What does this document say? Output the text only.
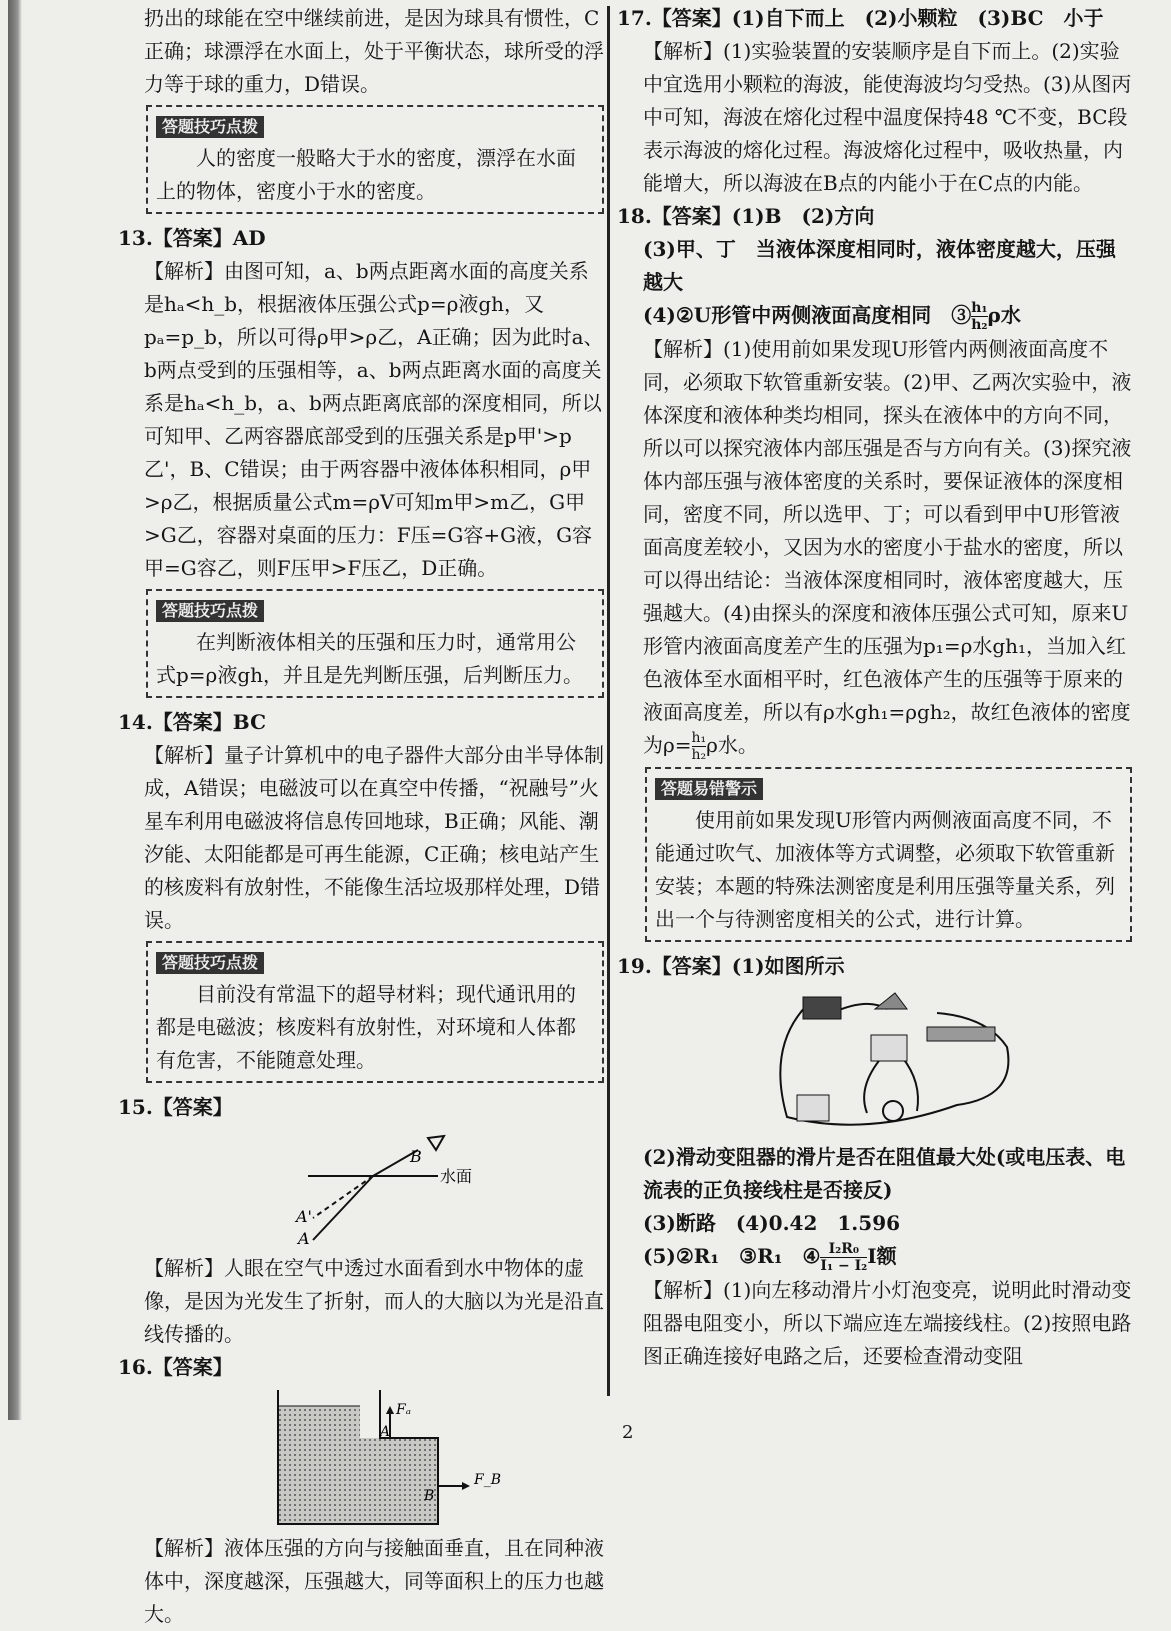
扔出的球能在空中继续前进，是因为球具有惯性，C

正确；球漂浮在水面上，处于平衡状态，球所受的浮

力等于球的重力，D错误。

答题技巧点拨

人的密度一般略大于水的密度，漂浮在水面上的物体，密度小于水的密度。

13.【答案】AD

【解析】由图可知，a、b两点距离水面的高度关系是hₐ<h_b，根据液体压强公式p=ρ液gh，又pₐ=p_b，所以可得ρ甲>ρ乙，A正确；因为此时a、b两点受到的压强相等，a、b两点距离水面的高度关系是hₐ<h_b，a、b两点距离底部的深度相同，所以可知甲、乙两容器底部受到的压强关系是p甲'>p乙'，B、C错误；由于两容器中液体体积相同，ρ甲>ρ乙，根据质量公式m=ρV可知m甲>m乙，G甲>G乙，容器对桌面的压力：F压=G容+G液，G容甲=G容乙，则F压甲>F压乙，D正确。

答题技巧点拨

在判断液体相关的压强和压力时，通常用公式p=ρ液gh，并且是先判断压强，后判断压力。

14.【答案】BC

【解析】量子计算机中的电子器件大部分由半导体制成，A错误；电磁波可以在真空中传播，“祝融号”火星车利用电磁波将信息传回地球，B正确；风能、潮汐能、太阳能都是可再生能源，C正确；核电站产生的核废料有放射性，不能像生活垃圾那样处理，D错误。

答题技巧点拨

目前没有常温下的超导材料；现代通讯用的都是电磁波；核废料有放射性，对环境和人体都有危害，不能随意处理。

15.【答案】

B
水面
A'
A

【解析】人眼在空气中透过水面看到水中物体的虚像，是因为光发生了折射，而人的大脑以为光是沿直线传播的。

16.【答案】

Fₐ
A
F_B
B

【解析】液体压强的方向与接触面垂直，且在同种液体中，深度越深，压强越大，同等面积上的压力也越大。

17.【答案】(1)自下而上　(2)小颗粒　(3)BC　小于

【解析】(1)实验装置的安装顺序是自下而上。(2)实验中宜选用小颗粒的海波，能使海波均匀受热。(3)从图丙中可知，海波在熔化过程中温度保持48 ℃不变，BC段表示海波的熔化过程。海波熔化过程中，吸收热量，内能增大，所以海波在B点的内能小于在C点的内能。

18.【答案】(1)B　(2)方向

(3)甲、丁　当液体深度相同时，液体密度越大，压强越大

(4)②U形管中两侧液面高度相同　③ $\frac{\text{h₁}}{\text{h₂}}$ ρ水

【解析】(1)使用前如果发现U形管内两侧液面高度不同，必须取下软管重新安装。(2)甲、乙两次实验中，液体深度和液体种类均相同，探头在液体中的方向不同，所以可以探究液体内部压强是否与方向有关。(3)探究液体内部压强与液体密度的关系时，要保证液体的深度相同，密度不同，所以选甲、丁；可以看到甲中U形管液面高度差较小，又因为水的密度小于盐水的密度，所以可以得出结论：当液体深度相同时，液体密度越大，压强越大。(4)由探头的深度和液体压强公式可知，原来U形管内液面高度差产生的压强为p₁=ρ水gh₁，当加入红色液体至水面相平时，红色液体产生的压强等于原来的液面高度差，所以有ρ水gh₁=ρgh₂，故红色液体的密度为$\rho= \frac{\text{h₁}}{\text{h₂}}$ ρ水。

答题易错警示

使用前如果发现U形管内两侧液面高度不同，不能通过吹气、加液体等方式调整，必须取下软管重新安装；本题的特殊法测密度是利用压强等量关系，列出一个与待测密度相关的公式，进行计算。

19.【答案】(1)如图所示

(2)滑动变阻器的滑片是否在阻值最大处(或电压表、电流表的正负接线柱是否接反)

(3)断路　(4)0.42　1.596

(5)②R₁　③R₁　④ $\frac{\text{I₂R₀}}{\text{I₁ − I₂}}$ I额

【解析】(1)向左移动滑片小灯泡变亮，说明此时滑动变阻器电阻变小，所以下端应连左端接线柱。(2)按照电路图正确连接好电路之后，还要检查滑动变阻

2
